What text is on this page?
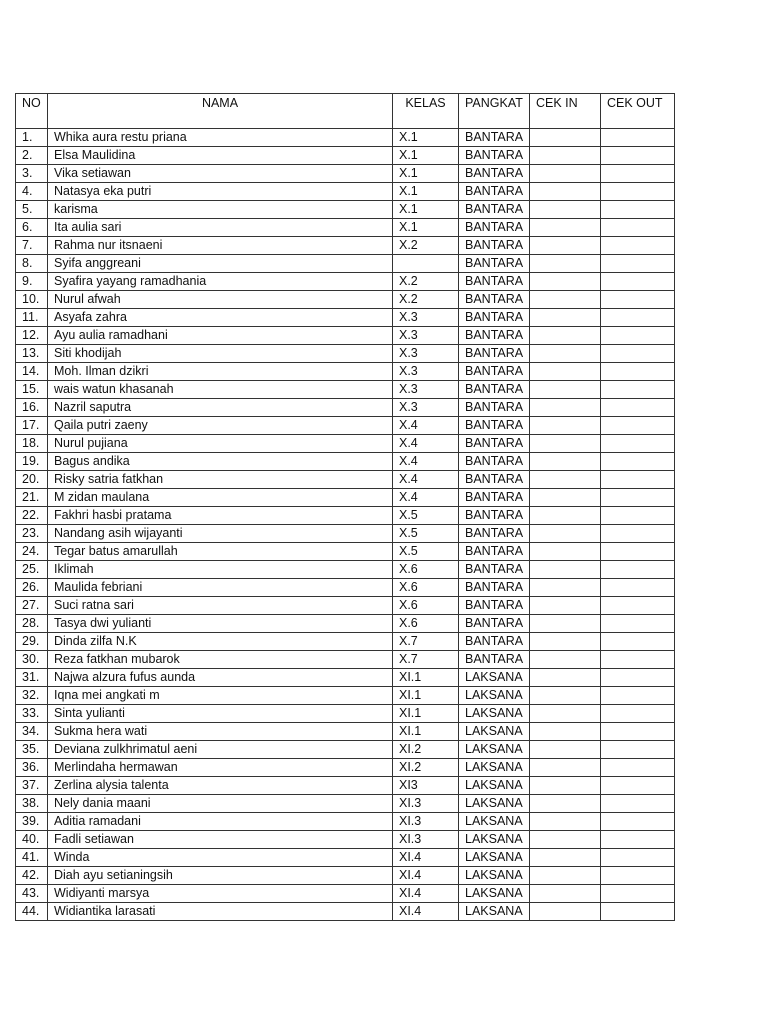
NO	NAMA	KELAS	PANGKAT	CEK IN	CEK OUT
1.	Whika aura restu priana	X.1	BANTARA		
2.	Elsa Maulidina	X.1	BANTARA		
3.	Vika setiawan	X.1	BANTARA		
4.	Natasya eka putri	X.1	BANTARA		
5.	karisma	X.1	BANTARA		
6.	Ita aulia sari	X.1	BANTARA		
7.	Rahma nur itsnaeni	X.2	BANTARA		
8.	Syifa anggreani		BANTARA		
9.	Syafira yayang ramadhania	X.2	BANTARA		
10.	Nurul afwah	X.2	BANTARA		
11.	Asyafa zahra	X.3	BANTARA		
12.	Ayu aulia ramadhani	X.3	BANTARA		
13.	Siti khodijah	X.3	BANTARA		
14.	Moh. Ilman dzikri	X.3	BANTARA		
15.	wais watun khasanah	X.3	BANTARA		
16.	Nazril saputra	X.3	BANTARA		
17.	Qaila putri zaeny	X.4	BANTARA		
18.	Nurul pujiana	X.4	BANTARA		
19.	Bagus andika	X.4	BANTARA		
20.	Risky satria fatkhan	X.4	BANTARA		
21.	M zidan maulana	X.4	BANTARA		
22.	Fakhri hasbi pratama	X.5	BANTARA		
23.	Nandang asih wijayanti	X.5	BANTARA		
24.	Tegar batus amarullah	X.5	BANTARA		
25.	Iklimah	X.6	BANTARA		
26.	Maulida febriani	X.6	BANTARA		
27.	Suci ratna sari	X.6	BANTARA		
28.	Tasya dwi yulianti	X.6	BANTARA		
29.	Dinda zilfa N.K	X.7	BANTARA		
30.	Reza fatkhan mubarok	X.7	BANTARA		
31.	Najwa alzura fufus aunda	XI.1	LAKSANA		
32.	Iqna mei angkati m	XI.1	LAKSANA		
33.	Sinta yulianti	XI.1	LAKSANA		
34.	Sukma hera wati	XI.1	LAKSANA		
35.	Deviana zulkhrimatul aeni	XI.2	LAKSANA		
36.	Merlindaha hermawan	XI.2	LAKSANA		
37.	Zerlina alysia talenta	XI3	LAKSANA		
38.	Nely dania maani	XI.3	LAKSANA		
39.	Aditia ramadani	XI.3	LAKSANA		
40.	Fadli setiawan	XI.3	LAKSANA		
41.	Winda	XI.4	LAKSANA		
42.	Diah ayu setianingsih	XI.4	LAKSANA		
43.	Widiyanti marsya	XI.4	LAKSANA		
44.	Widiantika larasati	XI.4	LAKSANA		
